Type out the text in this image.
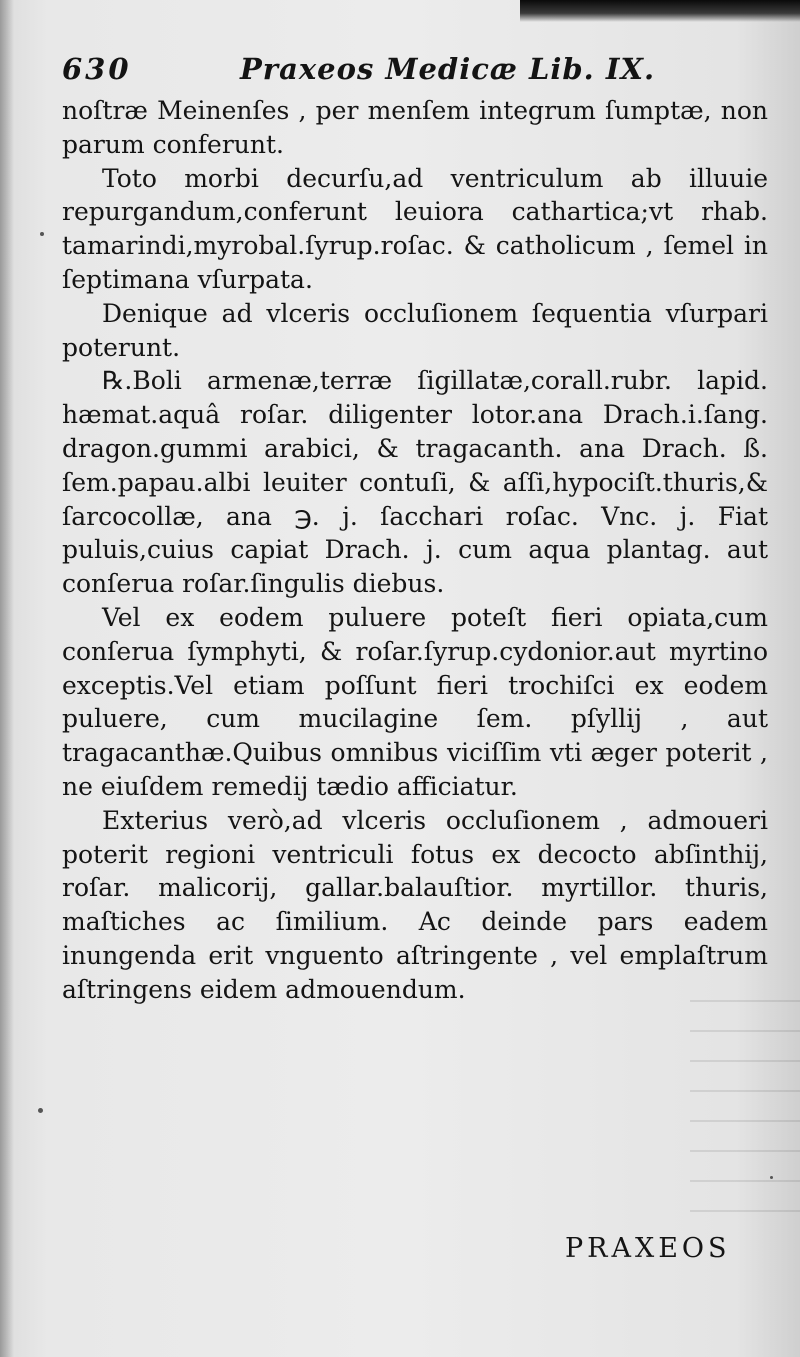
630	Praxeos Medicæ Lib. IX.

noſtræ Meinenſes , per menſem integrum ſumptæ, non parum conferunt.

Toto morbi decurſu,ad ventriculum ab illuuie repurgandum,conferunt leuiora cathartica;vt rhab. tamarindi,myrobal.ſyrup.roſac. & catholicum , ſemel in ſeptimana vſurpata.

Denique ad vlceris occluſionem ſequentia vſurpari poterunt.

℞.Boli armenæ,terræ ſigillatæ,corall.rubr. lapid. hæmat.aquâ roſar. diligenter lotor.ana Drach.i.ſang. dragon.gummi arabici, & tragacanth. ana Drach. ß. ſem.papau.albi leuiter contuſi, & aſſi,hypociſt.thuris,& ſarcocollæ, ana ℈. j. ſacchari roſac. Vnc. j. Fiat puluis,cuius capiat Drach. j. cum aqua plantag. aut conſerua roſar.ſingulis diebus.

Vel ex eodem puluere poteſt fieri opiata,cum conſerua ſymphyti, & roſar.ſyrup.cydonior.aut myrtino exceptis.Vel etiam poſſunt fieri trochiſci ex eodem puluere, cum mucilagine ſem. pſyllij , aut tragacanthæ.Quibus omnibus viciſſim vti æger poterit , ne eiuſdem remedij tædio afficiatur.

Exterius verò,ad vlceris occluſionem , admoueri poterit regioni ventriculi fotus ex decocto abſinthij, roſar. malicorij, gallar.balauſtior. myrtillor. thuris, maſtiches ac ſimilium. Ac deinde pars eadem inungenda erit vnguento aſtringente , vel emplaſtrum aſtringens eidem admouendum.

PRAXEOS
